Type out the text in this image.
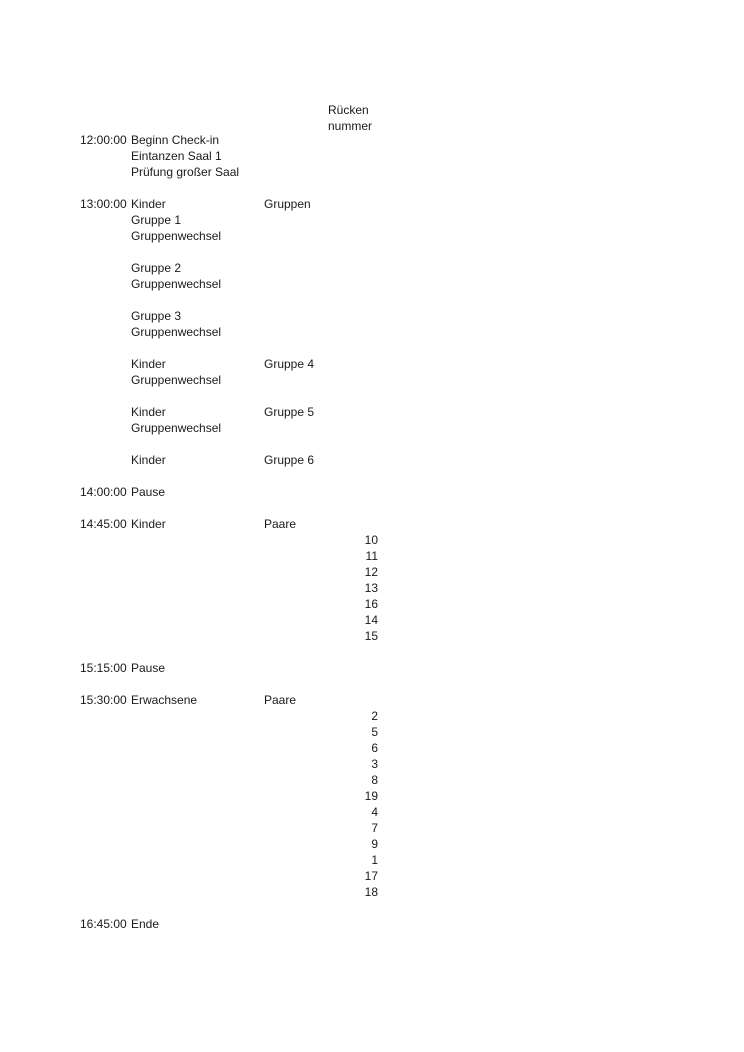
Rücken
nummer
12:00:00 Beginn Check-in
Eintanzen Saal 1
Prüfung großer Saal
13:00:00 Kinder	Gruppen
Gruppe 1
Gruppenwechsel
Gruppe 2
Gruppenwechsel
Gruppe 3
Gruppenwechsel
Kinder	Gruppe 4
Gruppenwechsel
Kinder	Gruppe 5
Gruppenwechsel
Kinder	Gruppe 6
14:00:00 Pause
14:45:00 Kinder	Paare
10
11
12
13
16
14
15
15:15:00 Pause
15:30:00 Erwachsene	Paare
2
5
6
3
8
19
4
7
9
1
17
18
16:45:00 Ende
